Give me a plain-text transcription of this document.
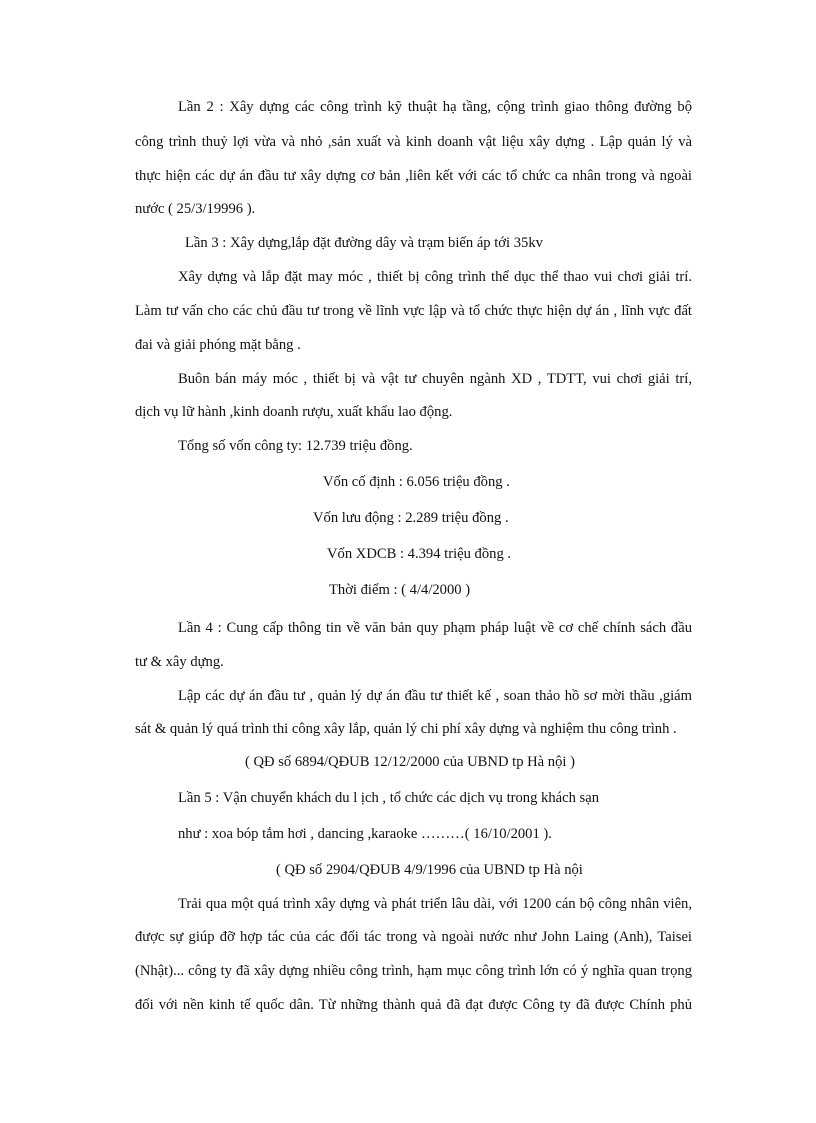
Lần 2 : Xây dựng các công trình kỹ thuật hạ tầng, cộng trình giao thông đường bộ
công trình thuỷ lợi vừa và nhỏ ,sản xuất và kinh doanh vật liệu xây dựng . Lập quản lý và
thực hiện các dự án đầu tư xây dựng cơ bản ,liên kết với các tổ chức ca nhân trong và ngoài
nước ( 25/3/19996 ).
Lần 3 : Xây dựng,lắp đặt đường dây và trạm biến áp tới 35kv
Xây dựng và lắp đặt may móc , thiết bị công trình thể dục thể thao vui chơi giải trí.
Làm tư vấn cho các chủ đầu tư trong về lĩnh vực lập và tổ chức thực hiện dự án , lĩnh vực đất
đai và giải phóng mặt bằng .
Buôn bán máy móc , thiết bị và vật tư chuyên ngành XD , TDTT, vui chơi giải trí,
dịch vụ lữ hành ,kinh doanh rượu, xuất khẩu lao động.
Tổng số vốn công ty: 12.739 triệu đồng.
Vốn cố định : 6.056 triệu đồng .
Vốn lưu động : 2.289 triệu đồng .
Vốn XDCB : 4.394 triệu đồng .
Thời điểm : ( 4/4/2000 )
Lần 4 : Cung cấp thông tin về văn bản quy phạm pháp luật về cơ chế chính sách đầu
tư & xây dựng.
Lập các dự án đầu tư , quản lý dự án đầu tư thiết kế , soan thảo hồ sơ mời thầu ,giám
sát & quản lý quá trình thi công xây lắp, quản lý chi phí xây dựng và nghiệm thu công trình .
( QĐ số 6894/QĐUB 12/12/2000 của UBND tp Hà nội )
Lần 5 : Vận chuyển khách du l ịch , tổ chức các dịch vụ trong khách sạn
như : xoa bóp tắm hơi , dancing ,karaoke ………( 16/10/2001 ).
( QĐ số 2904/QĐUB 4/9/1996 của UBND tp Hà nội
Trải qua một quá trình xây dựng và phát triển lâu dài, với 1200 cán bộ công nhân viên,
được sự giúp đỡ hợp tác của các đối tác trong và ngoài nước như John Laing (Anh), Taisei
(Nhật)... công ty đã xây dựng nhiều công trình, hạm mục công trình lớn có ý nghĩa quan trọng
đối với nền kinh tế quốc dân. Từ những thành quả đã đạt được Công ty đã được Chính phủ
